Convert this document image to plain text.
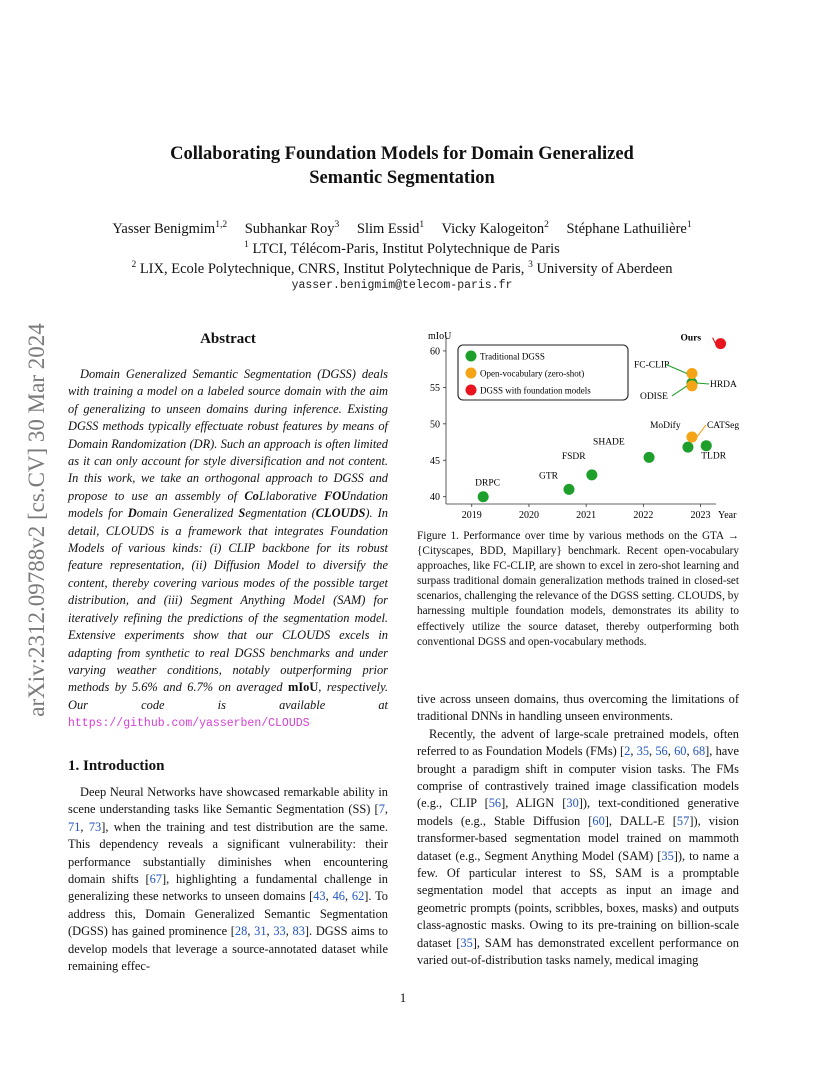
arXiv:2312.09788v2 [cs.CV] 30 Mar 2024
Collaborating Foundation Models for Domain Generalized
Semantic Segmentation
Yasser Benigmim$^{1,2}$ Subhankar Roy$^3$ Slim Essid$^1$ Vicky Kalogeiton$^2$ Stéphane Lathuilière$^1$
$^1$ LTCI, Télécom-Paris, Institut Polytechnique de Paris
$^2$ LIX, Ecole Polytechnique, CNRS, Institut Polytechnique de Paris, $^3$ University of Aberdeen
yasser.benigmim@telecom-paris.fr
Abstract
Domain Generalized Semantic Segmentation (DGSS) deals with training a model on a labeled source domain with the aim of generalizing to unseen domains during inference. Existing DGSS methods typically effectuate robust features by means of Domain Randomization (DR). Such an approach is often limited as it can only account for style diversification and not content. In this work, we take an orthogonal approach to DGSS and propose to use an assembly of CoLlaborative FOUndation models for Domain Generalized Segmentation (CLOUDS). In detail, CLOUDS is a framework that integrates Foundation Models of various kinds: (i) CLIP backbone for its robust feature representation, (ii) Diffusion Model to diversify the content, thereby covering various modes of the possible target distribution, and (iii) Segment Anything Model (SAM) for iteratively refining the predictions of the segmentation model. Extensive experiments show that our CLOUDS excels in adapting from synthetic to real DGSS benchmarks and under varying weather conditions, notably outperforming prior methods by 5.6% and 6.7% on averaged mIoU, respectively. Our code is available at https://github.com/yasserben/CLOUDS
1. Introduction
Deep Neural Networks have showcased remarkable ability in scene understanding tasks like Semantic Segmentation (SS) [7, 71, 73], when the training and test distribution are the same. This dependency reveals a significant vulnerability: their performance substantially diminishes when encountering domain shifts [67], highlighting a fundamental challenge in generalizing these networks to unseen domains [43, 46, 62]. To address this, Domain Generalized Semantic Segmentation (DGSS) has gained prominence [28, 31, 33, 83]. DGSS aims to develop models that leverage a source-annotated dataset while remaining effec-
40
45
50
55
60
2019	2020	2021	2022	2023
mIoU
Year
Traditional DGSS
Open-vocabulary (zero-shot)
DGSS with foundation models
DRPC
GTR
FSDR
SHADE
MoDify
TLDR
HRDA
FC-CLIP
ODISE
CATSeg
Ours
Figure 1. Performance over time by various methods on the GTA → {Cityscapes, BDD, Mapillary} benchmark. Recent open-vocabulary approaches, like FC-CLIP, are shown to excel in zero-shot learning and surpass traditional domain generalization methods trained in closed-set scenarios, challenging the relevance of the DGSS setting. CLOUDS, by harnessing multiple foundation models, demonstrates its ability to effectively utilize the source dataset, thereby outperforming both conventional DGSS and open-vocabulary methods.

tive across unseen domains, thus overcoming the limitations of traditional DNNs in handling unseen environments.

Recently, the advent of large-scale pretrained models, often referred to as Foundation Models (FMs) [2, 35, 56, 60, 68], have brought a paradigm shift in computer vision tasks. The FMs comprise of contrastively trained image classification models (e.g., CLIP [56], ALIGN [30]), text-conditioned generative models (e.g., Stable Diffusion [60], DALL-E [57]), vision transformer-based segmentation model trained on mammoth dataset (e.g., Segment Anything Model (SAM) [35]), to name a few. Of particular interest to SS, SAM is a promptable segmentation model that accepts as input an image and geometric prompts (points, scribbles, boxes, masks) and outputs class-agnostic masks. Owing to its pre-training on billion-scale dataset [35], SAM has demonstrated excellent performance on varied out-of-distribution tasks namely, medical imaging

1
